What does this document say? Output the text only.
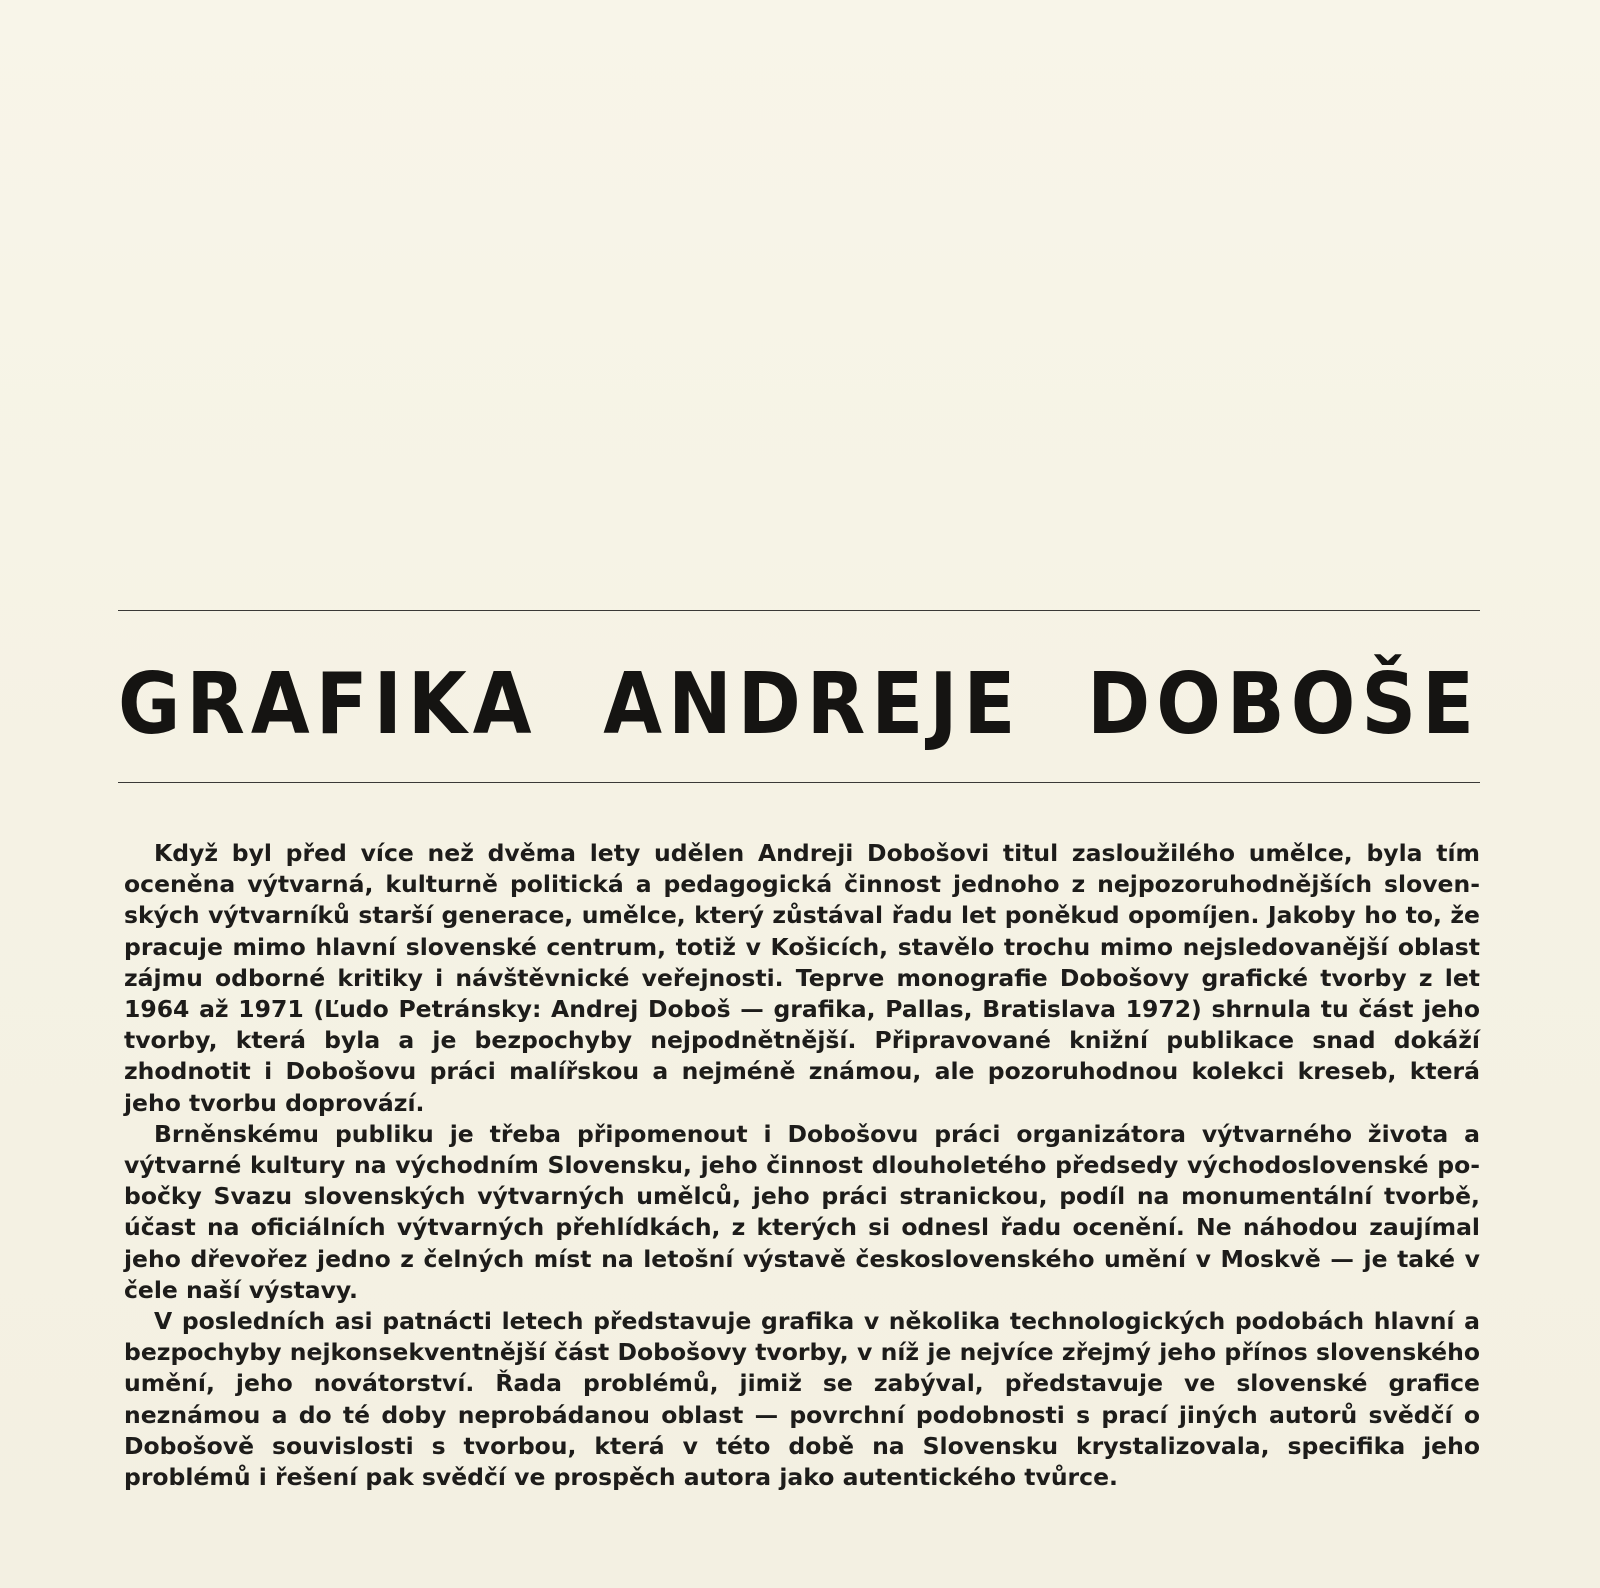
GRAFIKA ANDREJE DOBOŠE

Když byl před více než dvěma lety udělen Andreji Dobošovi titul zasloužilého umělce, byla tím oceněna výtvarná, kulturně politická a pedagogická činnost jednoho z nejpozoruhodnějších slovenských výtvarníků starší generace, umělce, který zůstával řadu let poněkud opomíjen. Jakoby ho to, že pracuje mimo hlavní slovenské centrum, totiž v Košicích, stavělo trochu mimo nejsledovanější oblast zájmu odborné kritiky i návštěvnické veřejnosti. Teprve monografie Dobošovy grafické tvorby z let 1964 až 1971 (Ľudo Petránsky: Andrej Doboš — grafika, Pallas, Bratislava 1972) shrnula tu část jeho tvorby, která byla a je bezpochyby nejpodnětnější. Připravované knižní publikace snad dokáží zhodnotit i Dobošovu práci malířskou a nejméně známou, ale pozoruhodnou kolekci kreseb, která jeho tvorbu doprovází.

Brněnskému publiku je třeba připomenout i Dobošovu práci organizátora výtvarného života a výtvarné kultury na východním Slovensku, jeho činnost dlouholetého předsedy východoslovenské pobočky Svazu slovenských výtvarných umělců, jeho práci stranickou, podíl na monumentální tvorbě, účast na oficiálních výtvarných přehlídkách, z kterých si odnesl řadu ocenění. Ne náhodou zaujímal jeho dřevořez jedno z čelných míst na letošní výstavě československého umění v Moskvě — je také v čele naší výstavy.

V posledních asi patnácti letech představuje grafika v několika technologických podobách hlavní a bezpochyby nejkonsekventnější část Dobošovy tvorby, v níž je nejvíce zřejmý jeho přínos slovenského umění, jeho novátorství. Řada problémů, jimiž se zabýval, představuje ve slovenské grafice neznámou a do té doby neprobádanou oblast — povrchní podobnosti s prací jiných autorů svědčí o Dobošově souvislosti s tvorbou, která v této době na Slovensku krystalizovala, specifika jeho problémů i řešení pak svědčí ve prospěch autora jako autentického tvůrce.
